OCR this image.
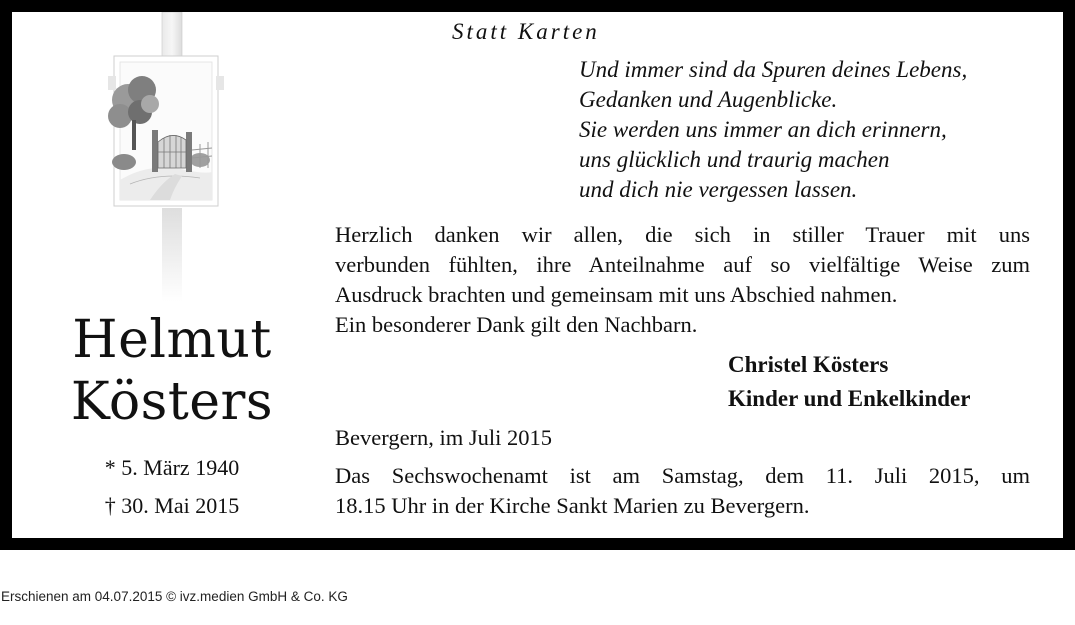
Helmut
Kösters
* 5. März 1940
† 30. Mai 2015
Statt Karten
Und immer sind da Spuren deines Lebens,
Gedanken und Augenblicke.
Sie werden uns immer an dich erinnern,
uns glücklich und traurig machen
und dich nie vergessen lassen.
Herzlich danken wir allen, die sich in stiller Trauer mit uns
verbunden fühlten, ihre Anteilnahme auf so vielfältige Weise zum
Ausdruck brachten und gemeinsam mit uns Abschied nahmen.
Ein besonderer Dank gilt den Nachbarn.
Christel Kösters
Kinder und Enkelkinder
Bevergern, im Juli 2015
Das Sechswochenamt ist am Samstag, dem 11. Juli 2015, um
18.15 Uhr in der Kirche Sankt Marien zu Bevergern.
Erschienen am 04.07.2015 © ivz.medien GmbH & Co. KG
